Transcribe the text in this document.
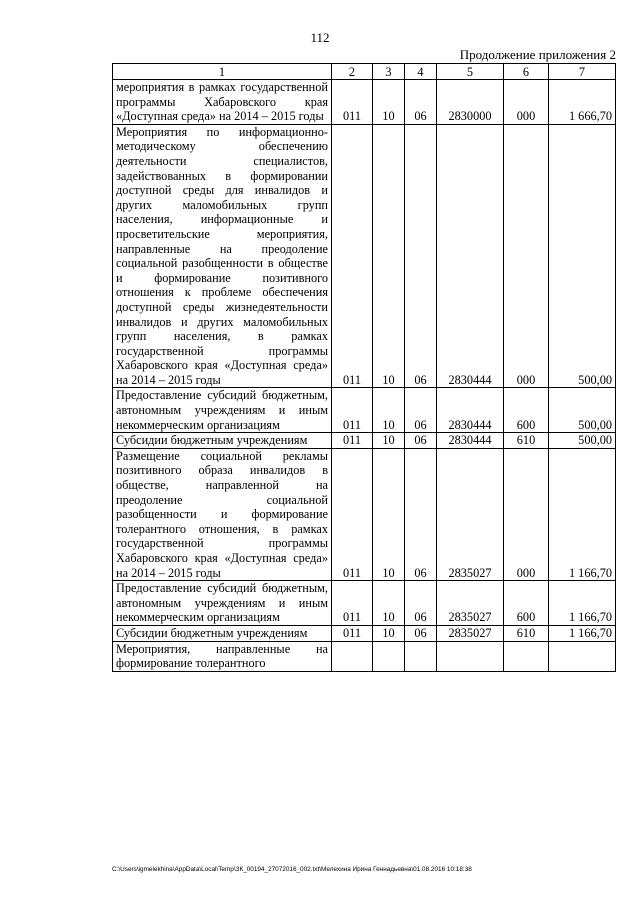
112
Продолжение приложения 2
1	2	3	4	5	6	7
мероприятия в рамках государственной программы Хабаровского края «Доступная среда» на 2014 – 2015 годы	011	10	06	2830000	000	1 666,70
Мероприятия по информационно-методическому обеспечению деятельности специалистов, задействованных в формировании доступной среды для инвалидов и других маломобильных групп населения, информационные и просветительские мероприятия, направленные на преодоление социальной разобщенности в обществе и формирование позитивного отношения к проблеме обеспечения доступной среды жизнедеятельности инвалидов и других маломобильных групп населения, в рамках государственной программы Хабаровского края «Доступная среда» на 2014 – 2015 годы	011	10	06	2830444	000	500,00
Предоставление субсидий бюджетным, автономным учреждениям и иным некоммерческим организациям	011	10	06	2830444	600	500,00
Субсидии бюджетным учреждениям	011	10	06	2830444	610	500,00
Размещение социальной рекламы позитивного образа инвалидов в обществе, направленной на преодоление социальной разобщенности и формирование толерантного отношения, в рамках государственной программы Хабаровского края «Доступная среда» на 2014 – 2015 годы	011	10	06	2835027	000	1 166,70
Предоставление субсидий бюджетным, автономным учреждениям и иным некоммерческим организациям	011	10	06	2835027	600	1 166,70
Субсидии бюджетным учреждениям	011	10	06	2835027	610	1 166,70
Мероприятия, направленные на формирование толерантного						
C:\Users\igmelekhina\AppData\Local\Temp\ЗК_00194_27072016_002.txt\Мелехина Ирина Геннадьевна\01.08.2016 10:18:38
